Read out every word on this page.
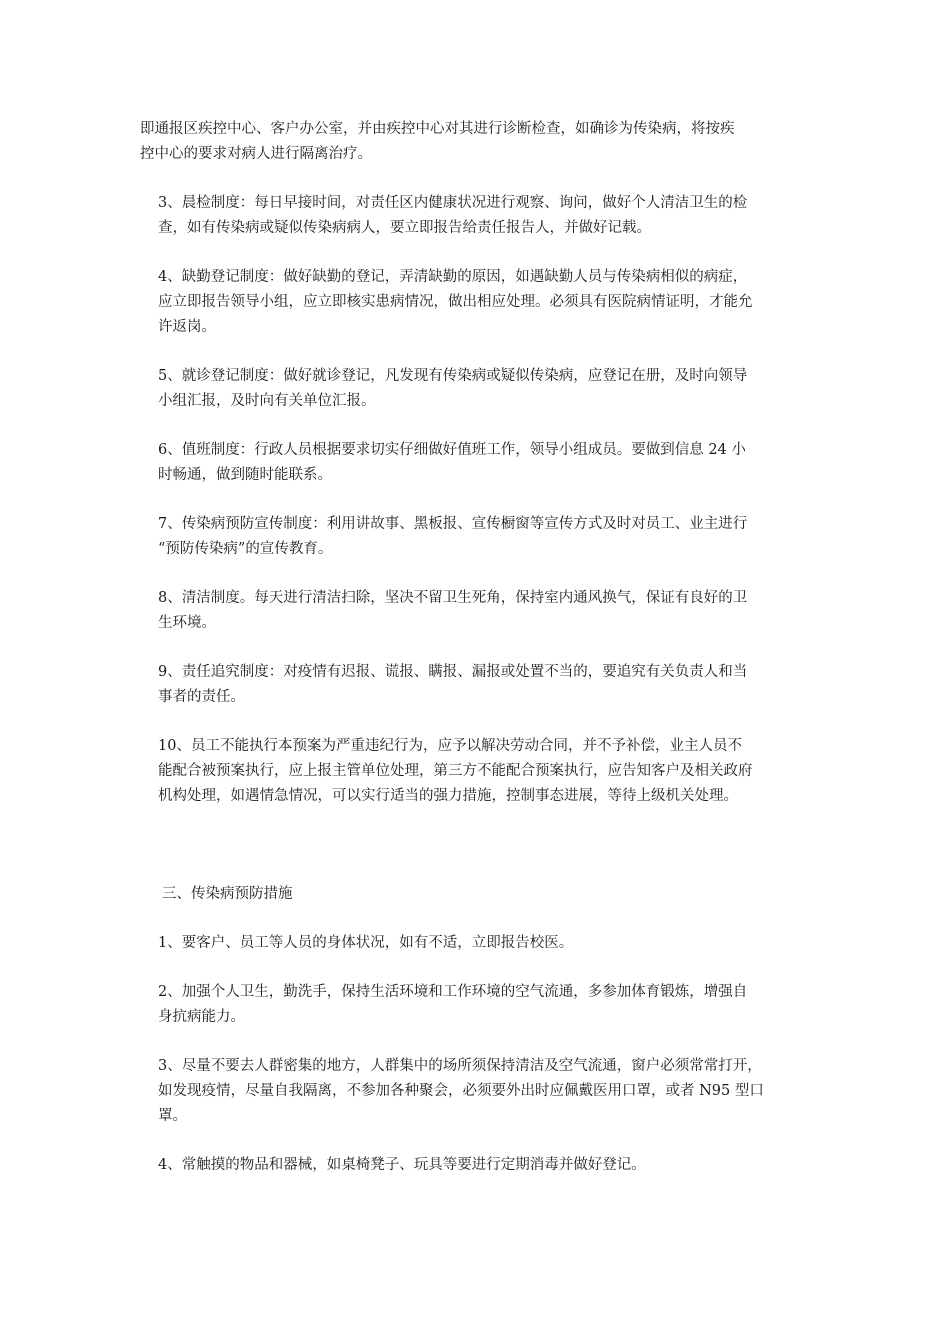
即通报区疾控中心、客户办公室，并由疾控中心对其进行诊断检查，如确诊为传染病，将按疾
控中心的要求对病人进行隔离治疗。

3、晨检制度：每日早接时间，对责任区内健康状况进行观察、询问，做好个人清洁卫生的检
查，如有传染病或疑似传染病病人，要立即报告给责任报告人，并做好记载。

4、缺勤登记制度：做好缺勤的登记，弄清缺勤的原因，如遇缺勤人员与传染病相似的病症，
应立即报告领导小组，应立即核实患病情况，做出相应处理。必须具有医院病情证明，才能允
许返岗。

5、就诊登记制度：做好就诊登记，凡发现有传染病或疑似传染病，应登记在册，及时向领导
小组汇报，及时向有关单位汇报。

6、值班制度：行政人员根据要求切实仔细做好值班工作，领导小组成员。要做到信息 24 小
时畅通，做到随时能联系。

7、传染病预防宣传制度：利用讲故事、黑板报、宣传橱窗等宣传方式及时对员工、业主进行
“预防传染病”的宣传教育。

8、清洁制度。每天进行清洁扫除，坚决不留卫生死角，保持室内通风换气，保证有良好的卫
生环境。

9、责任追究制度：对疫情有迟报、谎报、瞒报、漏报或处置不当的，要追究有关负责人和当
事者的责任。

10、员工不能执行本预案为严重违纪行为，应予以解决劳动合同，并不予补偿，业主人员不
能配合被预案执行，应上报主管单位处理，第三方不能配合预案执行，应告知客户及相关政府
机构处理，如遇情急情况，可以实行适当的强力措施，控制事态进展，等待上级机关处理。

三、传染病预防措施

1、要客户、员工等人员的身体状况，如有不适，立即报告校医。

2、加强个人卫生，勤洗手，保持生活环境和工作环境的空气流通，多参加体育锻炼，增强自
身抗病能力。

3、尽量不要去人群密集的地方，人群集中的场所须保持清洁及空气流通，窗户必须常常打开，
如发现疫情，尽量自我隔离，不参加各种聚会，必须要外出时应佩戴医用口罩，或者 N95 型口
罩。

4、常触摸的物品和器械，如桌椅凳子、玩具等要进行定期消毒并做好登记。
